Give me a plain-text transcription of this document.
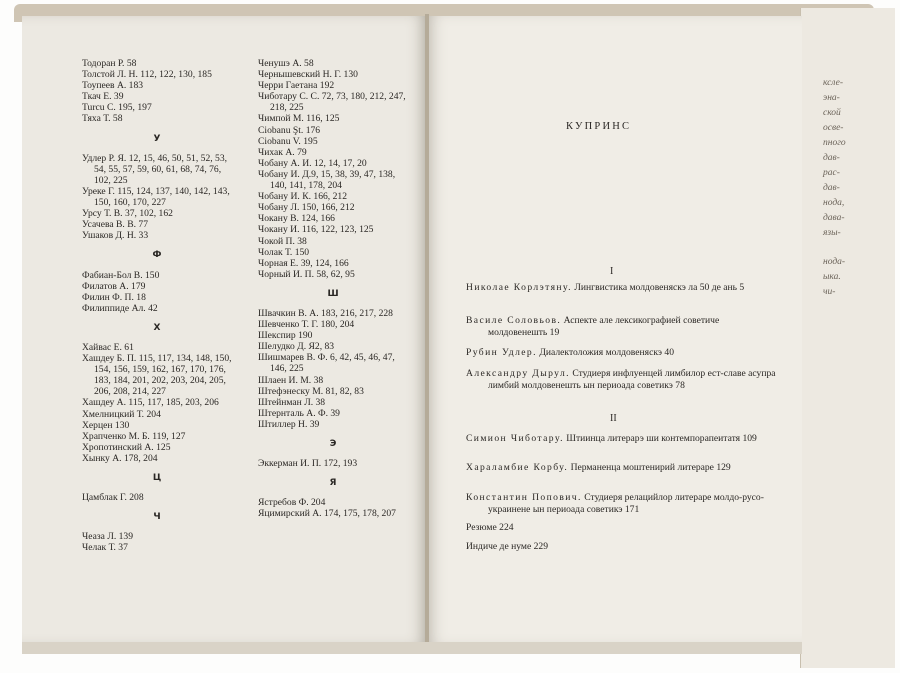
ксле-
эна-
ской
осве-
пного
дав-
рас-
дав-
нода,
дава-
язы-
нода-
ыка.
чи-
Тодоран Р. 58
Толстой Л. Н. 112, 122, 130, 185
Тоупеев А. 183
Ткач Е. 39
Turcu C. 195, 197
Тяха Т. 58
У
Удлер Р. Я. 12, 15, 46, 50, 51, 52, 53, 54, 55, 57, 59, 60, 61, 68, 74, 76, 102, 225
Уреке Г. 115, 124, 137, 140, 142, 143, 150, 160, 170, 227
Урсу Т. В. 37, 102, 162
Усачева В. В. 77
Ушаков Д. Н. 33
Ф
Фабиан-Бол В. 150
Филатов А. 179
Филин Ф. П. 18
Филиппиде Ал. 42
Х
Хайвас Е. 61
Хашдеу Б. П. 115, 117, 134, 148, 150, 154, 156, 159, 162, 167, 170, 176, 183, 184, 201, 202, 203, 204, 205, 206, 208, 214, 227
Хашдеу А. 115, 117, 185, 203, 206
Хмелницкий Т. 204
Херцен 130
Храпченко М. Б. 119, 127
Хропотинский А. 125
Хынку А. 178, 204
Ц
Цамблак Г. 208
Ч
Чеаза Л. 139
Челак Т. 37
Ченушэ А. 58
Чернышевский Н. Г. 130
Черри Гаетана 192
Чиботару С. С. 72, 73, 180, 212, 247, 218, 225
Чимпой М. 116, 125
Ciobanu Şt. 176
Ciobanu V. 195
Чихак А. 79
Чобану А. И. 12, 14, 17, 20
Чобану И. Д.9, 15, 38, 39, 47, 138, 140, 141, 178, 204
Чобану И. К. 166, 212
Чобану Л. 150, 166, 212
Чокану В. 124, 166
Чокану И. 116, 122, 123, 125
Чокой П. 38
Чолак Т. 150
Чорная Е. 39, 124, 166
Чорный И. П. 58, 62, 95
Ш
Швачкин В. А. 183, 216, 217, 228
Шевченко Т. Г. 180, 204
Шекспир 190
Шелудко Д. Я2, 83
Шишмарев В. Ф. 6, 42, 45, 46, 47, 146, 225
Шлаен И. М. 38
Штефэнеску М. 81, 82, 83
Штейнман Л. 38
Штернталь А. Ф. 39
Штиллер Н. 39
Э
Эккерман И. П. 172, 193
Я
Ястребов Ф. 204
Яцимирский А. 174, 175, 178, 207
КУПРИНС
I

Николае Корлэтяну. Лингвистика молдовеняскэ ла 50 де ань 5

Василе Соловьов. Аспекте але лексикографией советиче молдовенешть 19

Рубин Удлер. Диалектоложия молдовеняскэ 40

Александру Дырул. Студиеря инфлуенцей лимбилор ест-славе асупра лимбий молдовенешть ын периоада советикэ 78

II

Симион Чиботару. Штиинца литерарэ ши контемпорапеитатя 109

Хараламбие Корбу. Перманенца моштенирий литераре 129

Константин Попович. Студиеря релацийлор литераре молдо-русо-украинене ын периоада советикэ 171

Резюме 224

Индиче де нуме 229
